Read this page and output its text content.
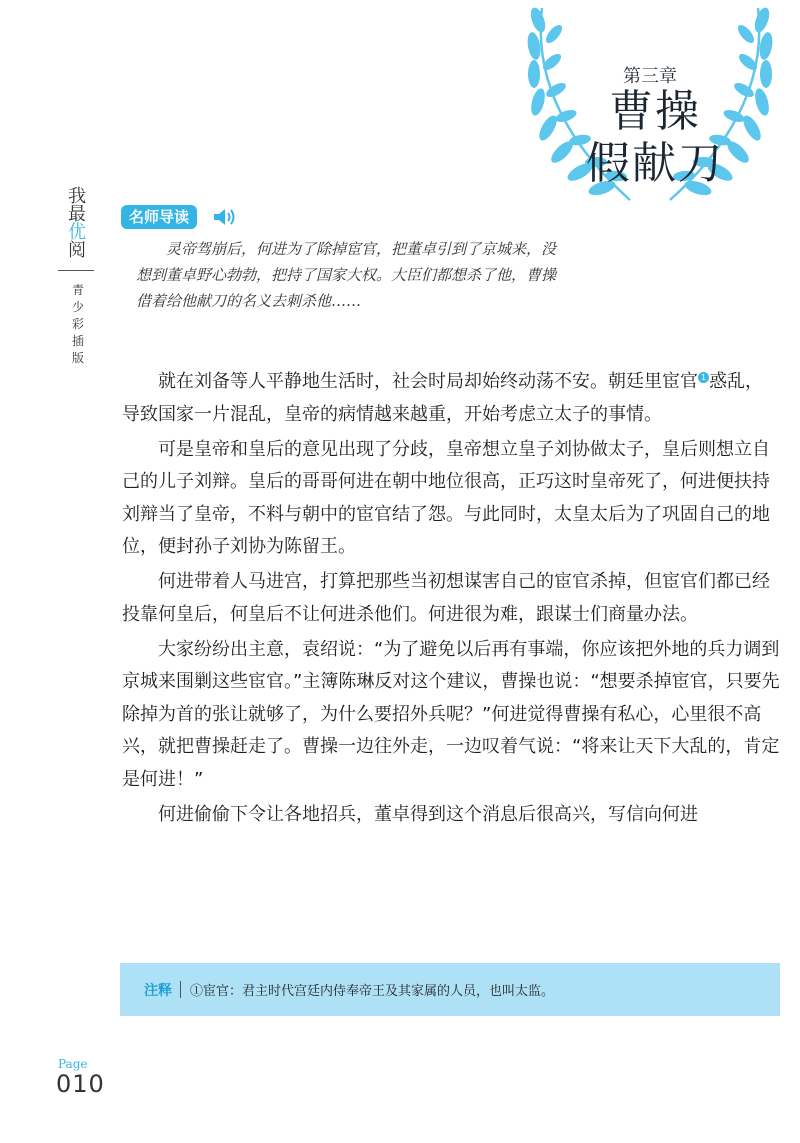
第三章
曹操
假献刀
我
最
优
阅
青
少
彩
插
版
名师导读

灵帝驾崩后，何进为了除掉宦官，把董卓引到了京城来，没想到董卓野心勃勃，把持了国家大权。大臣们都想杀了他，曹操借着给他献刀的名义去刺杀他……

就在刘备等人平静地生活时，社会时局却始终动荡不安。朝廷里宦官 1 惑乱，导致国家一片混乱，皇帝的病情越来越重，开始考虑立太子的事情。

可是皇帝和皇后的意见出现了分歧，皇帝想立皇子刘协做太子，皇后则想立自己的儿子刘辩。皇后的哥哥何进在朝中地位很高，正巧这时皇帝死了，何进便扶持刘辩当了皇帝，不料与朝中的宦官结了怨。与此同时，太皇太后为了巩固自己的地位，便封孙子刘协为陈留王。

何进带着人马进宫，打算把那些当初想谋害自己的宦官杀掉，但宦官们都已经投靠何皇后，何皇后不让何进杀他们。何进很为难，跟谋士们商量办法。

大家纷纷出主意，袁绍说：“为了避免以后再有事端，你应该把外地的兵力调到京城来围剿这些宦官。”主簿陈琳反对这个建议，曹操也说：“想要杀掉宦官，只要先除掉为首的张让就够了，为什么要招外兵呢？”何进觉得曹操有私心，心里很不高兴，就把曹操赶走了。曹操一边往外走，一边叹着气说：“将来让天下大乱的，肯定是何进！”

何进偷偷下令让各地招兵，董卓得到这个消息后很高兴，写信向何进

注释 ①宦官：君主时代宫廷内侍奉帝王及其家属的人员，也叫太监。
Page
010
